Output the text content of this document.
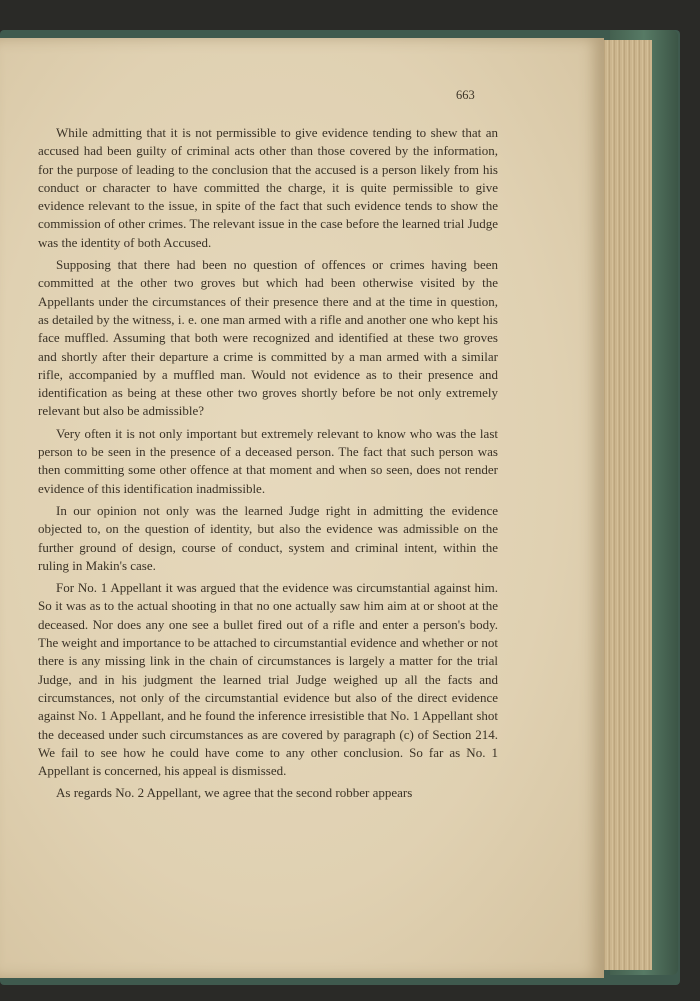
663

While admitting that it is not permissible to give evidence tending to shew that an accused had been guilty of criminal acts other than those covered by the information, for the purpose of leading to the conclusion that the accused is a person likely from his conduct or character to have committed the charge, it is quite permissible to give evidence relevant to the issue, in spite of the fact that such evidence tends to show the commission of other crimes. The relevant issue in the case before the learned trial Judge was the identity of both Accused.

Supposing that there had been no question of offences or crimes having been committed at the other two groves but which had been otherwise visited by the Appellants under the circumstances of their presence there and at the time in question, as detailed by the witness, i. e. one man armed with a rifle and another one who kept his face muffled. Assuming that both were recognized and identified at these two groves and shortly after their departure a crime is committed by a man armed with a similar rifle, accompanied by a muffled man. Would not evidence as to their presence and identification as being at these other two groves shortly before be not only extremely relevant but also be admissible?

Very often it is not only important but extremely relevant to know who was the last person to be seen in the presence of a deceased person. The fact that such person was then committing some other offence at that moment and when so seen, does not render evidence of this identification inadmissible.

In our opinion not only was the learned Judge right in admitting the evidence objected to, on the question of identity, but also the evidence was admissible on the further ground of design, course of conduct, system and criminal intent, within the ruling in Makin's case.

For No. 1 Appellant it was argued that the evidence was circumstantial against him. So it was as to the actual shooting in that no one actually saw him aim at or shoot at the deceased. Nor does any one see a bullet fired out of a rifle and enter a person's body. The weight and importance to be attached to circumstantial evidence and whether or not there is any missing link in the chain of circumstances is largely a matter for the trial Judge, and in his judgment the learned trial Judge weighed up all the facts and circumstances, not only of the circumstantial evidence but also of the direct evidence against No. 1 Appellant, and he found the inference irresistible that No. 1 Appellant shot the deceased under such circumstances as are covered by paragraph (c) of Section 214. We fail to see how he could have come to any other conclusion. So far as No. 1 Appellant is concerned, his appeal is dismissed.

As regards No. 2 Appellant, we agree that the second robber appears
